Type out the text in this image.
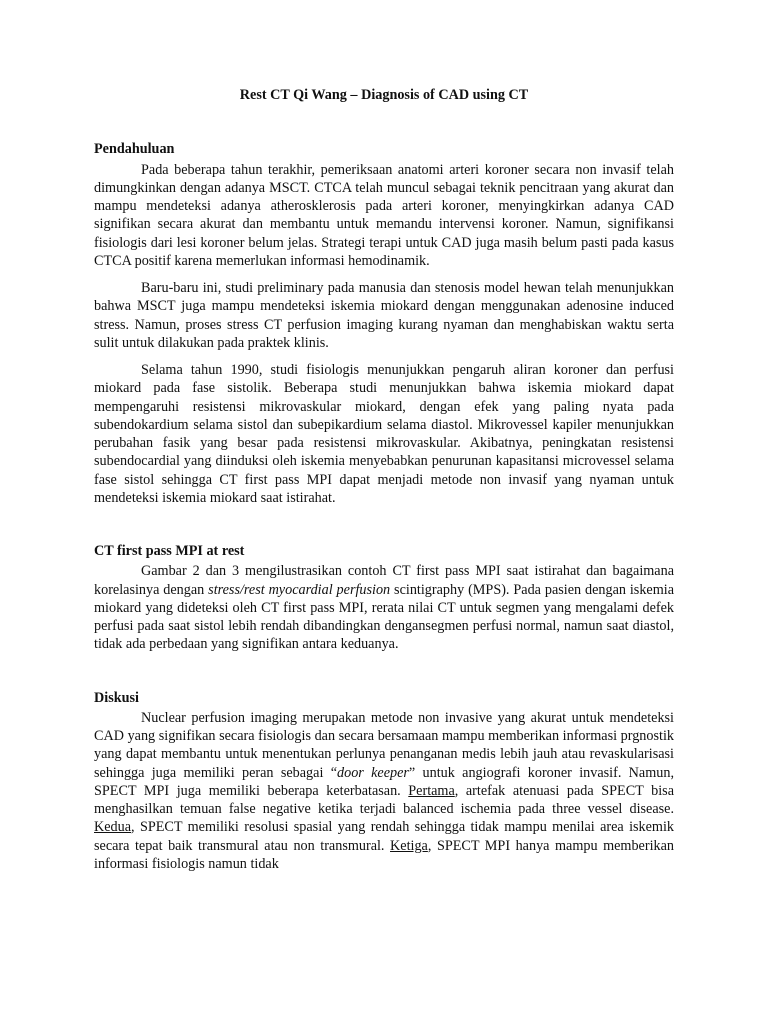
Rest CT Qi Wang – Diagnosis of CAD using CT
Pendahuluan

Pada beberapa tahun terakhir, pemeriksaan anatomi arteri koroner secara non invasif telah dimungkinkan dengan adanya MSCT. CTCA telah muncul sebagai teknik pencitraan yang akurat dan mampu mendeteksi adanya atherosklerosis pada arteri koroner, menyingkirkan adanya CAD signifikan secara akurat dan membantu untuk memandu intervensi koroner. Namun, signifikansi fisiologis dari lesi koroner belum jelas. Strategi terapi untuk CAD juga masih belum pasti pada kasus CTCA positif karena memerlukan informasi hemodinamik.

Baru-baru ini, studi preliminary pada manusia dan stenosis model hewan telah menunjukkan bahwa MSCT juga mampu mendeteksi iskemia miokard dengan menggunakan adenosine induced stress. Namun, proses stress CT perfusion imaging kurang nyaman dan menghabiskan waktu serta sulit untuk dilakukan pada praktek klinis.

Selama tahun 1990, studi fisiologis menunjukkan pengaruh aliran koroner dan perfusi miokard pada fase sistolik. Beberapa studi menunjukkan bahwa iskemia miokard dapat mempengaruhi resistensi mikrovaskular miokard, dengan efek yang paling nyata pada subendokardium selama sistol dan subepikardium selama diastol. Mikrovessel kapiler menunjukkan perubahan fasik yang besar pada resistensi mikrovaskular. Akibatnya, peningkatan resistensi subendocardial yang diinduksi oleh iskemia menyebabkan penurunan kapasitansi microvessel selama fase sistol sehingga CT first pass MPI dapat menjadi metode non invasif yang nyaman untuk mendeteksi iskemia miokard saat istirahat.

CT first pass MPI at rest

Gambar 2 dan 3 mengilustrasikan contoh CT first pass MPI saat istirahat dan bagaimana korelasinya dengan stress/rest myocardial perfusion scintigraphy (MPS). Pada pasien dengan iskemia miokard yang dideteksi oleh CT first pass MPI, rerata nilai CT untuk segmen yang mengalami defek perfusi pada saat sistol lebih rendah dibandingkan dengansegmen perfusi normal, namun saat diastol, tidak ada perbedaan yang signifikan antara keduanya.

Diskusi

Nuclear perfusion imaging merupakan metode non invasive yang akurat untuk mendeteksi CAD yang signifikan secara fisiologis dan secara bersamaan mampu memberikan informasi prgnostik yang dapat membantu untuk menentukan perlunya penanganan medis lebih jauh atau revaskularisasi sehingga juga memiliki peran sebagai “door keeper” untuk angiografi koroner invasif. Namun, SPECT MPI juga memiliki beberapa keterbatasan. Pertama, artefak atenuasi pada SPECT bisa menghasilkan temuan false negative ketika terjadi balanced ischemia pada three vessel disease. Kedua, SPECT memiliki resolusi spasial yang rendah sehingga tidak mampu menilai area iskemik secara tepat baik transmural atau non transmural. Ketiga, SPECT MPI hanya mampu memberikan informasi fisiologis namun tidak
